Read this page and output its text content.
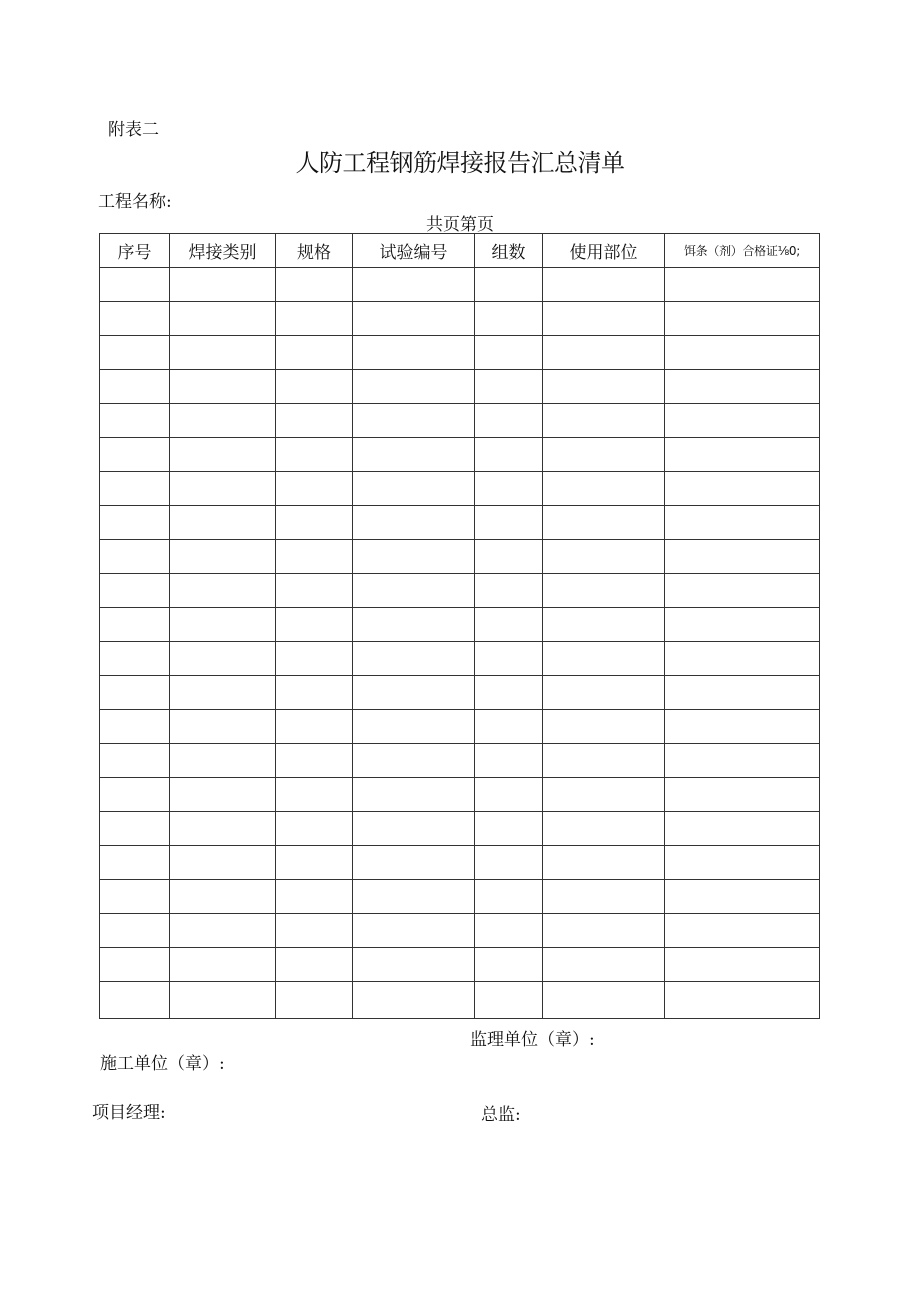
附表二
人防工程钢筋焊接报告汇总清单
工程名称:
共页第页
序号	焊接类别	规格	试验编号	组数	使用部位	饵条（剂）合格证⅛0;

监理单位（章）:
施工单位（章）:
项目经理:	总监:
